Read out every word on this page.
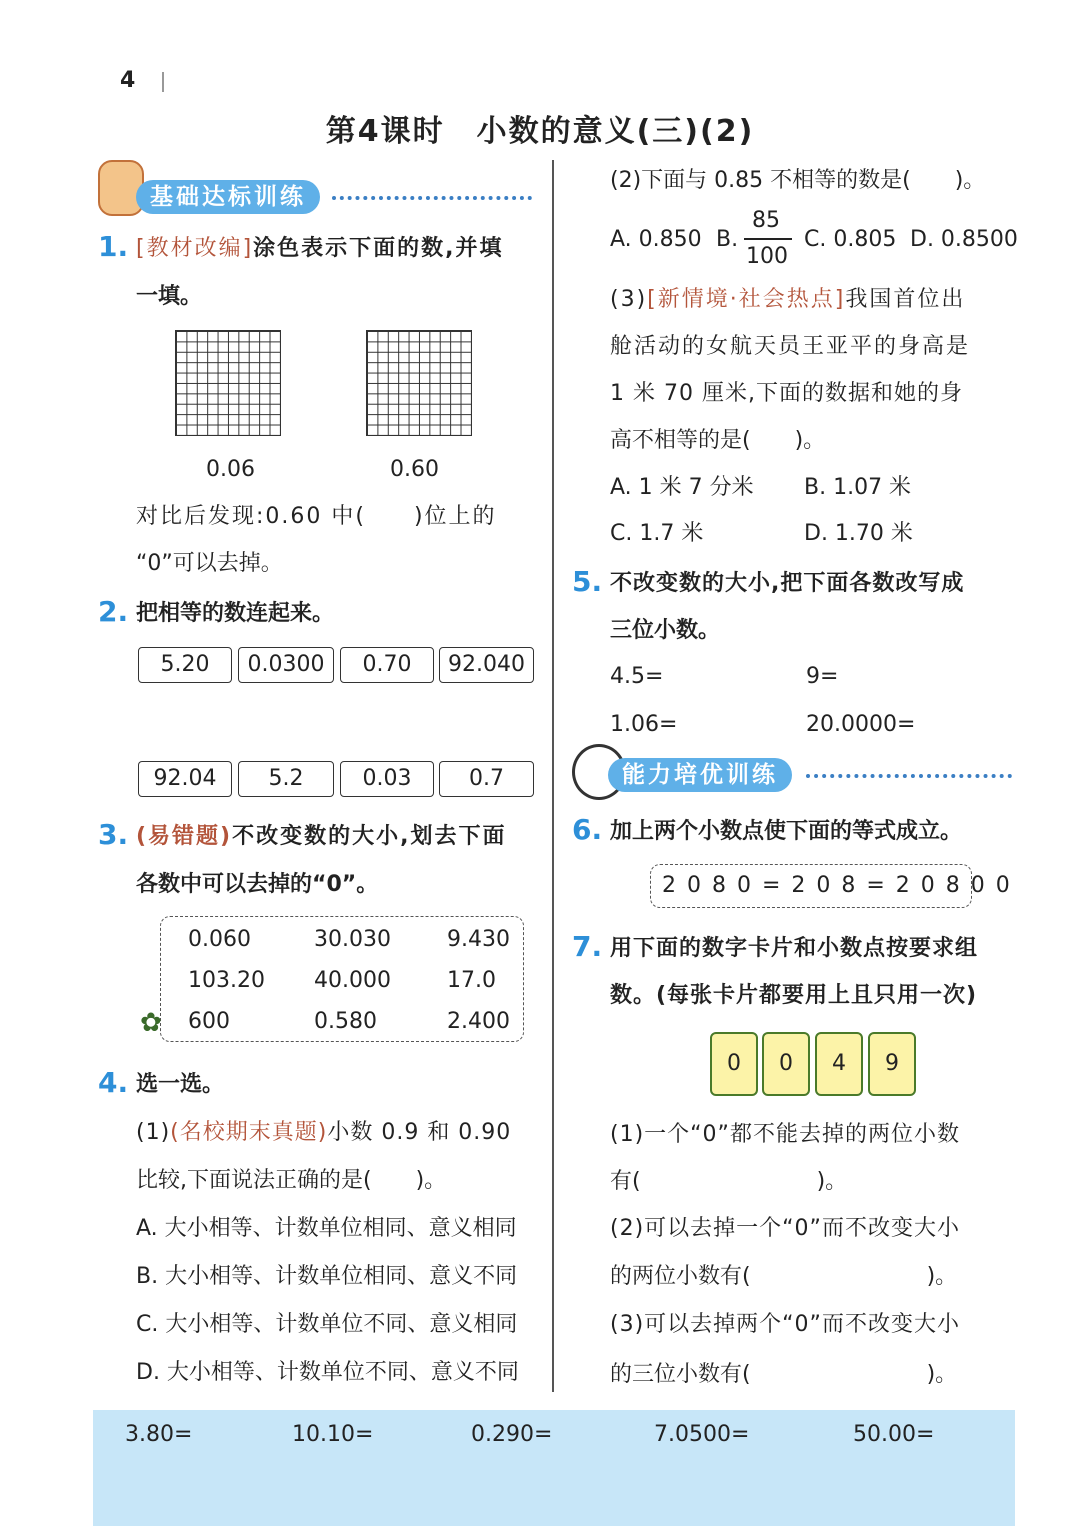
4
第4课时　小数的意义(三)(2)
基础达标训练
1. [教材改编]涂色表示下面的数,并填
一填。
0.06	0.60
对比后发现:0.60 中(　　)位上的
“0”可以去掉。
2. 把相等的数连起来。
5.20	0.0300	0.70	92.040
92.04	5.2	0.03	0.7
3. (易错题)不改变数的大小,划去下面
各数中可以去掉的“0”。
✿
0.060	30.030	9.430
103.20 40.000	17.0
600	0.580	2.400
4. 选一选。
(1)(名校期末真题)小数 0.9 和 0.90
比较,下面说法正确的是(　　)。
A. 大小相等、计数单位相同、意义相同
B. 大小相等、计数单位相同、意义不同
C. 大小相等、计数单位不同、意义相同
D. 大小相等、计数单位不同、意义不同
(2)下面与 0.85 不相等的数是(　　)。
A. 0.850 B.
85
100
C. 0.805 D. 0.8500
(3)[新情境·社会热点]我国首位出
舱活动的女航天员王亚平的身高是
1 米 70 厘米,下面的数据和她的身
高不相等的是(　　)。
A. 1 米 7 分米 B. 1.07 米
C. 1.7 米	D. 1.70 米
5. 不改变数的大小,把下面各数改写成
三位小数。
4.5=	9=
1.06=	20.0000=
能力培优训练
6. 加上两个小数点使下面的等式成立。
2 0 8 0 = 2 0 8 = 2 0 8 0 0
7. 用下面的数字卡片和小数点按要求组
数。(每张卡片都要用上且只用一次)
0	0	4	9
(1)一个“0”都不能去掉的两位小数
有(　　　　　　　　)。
(2)可以去掉一个“0”而不改变大小
的两位小数有(　　　　　　　　)。
(3)可以去掉两个“0”而不改变大小
的三位小数有(　　　　　　　　)。
3.80=	10.10=	0.290=	7.0500=	50.00=
